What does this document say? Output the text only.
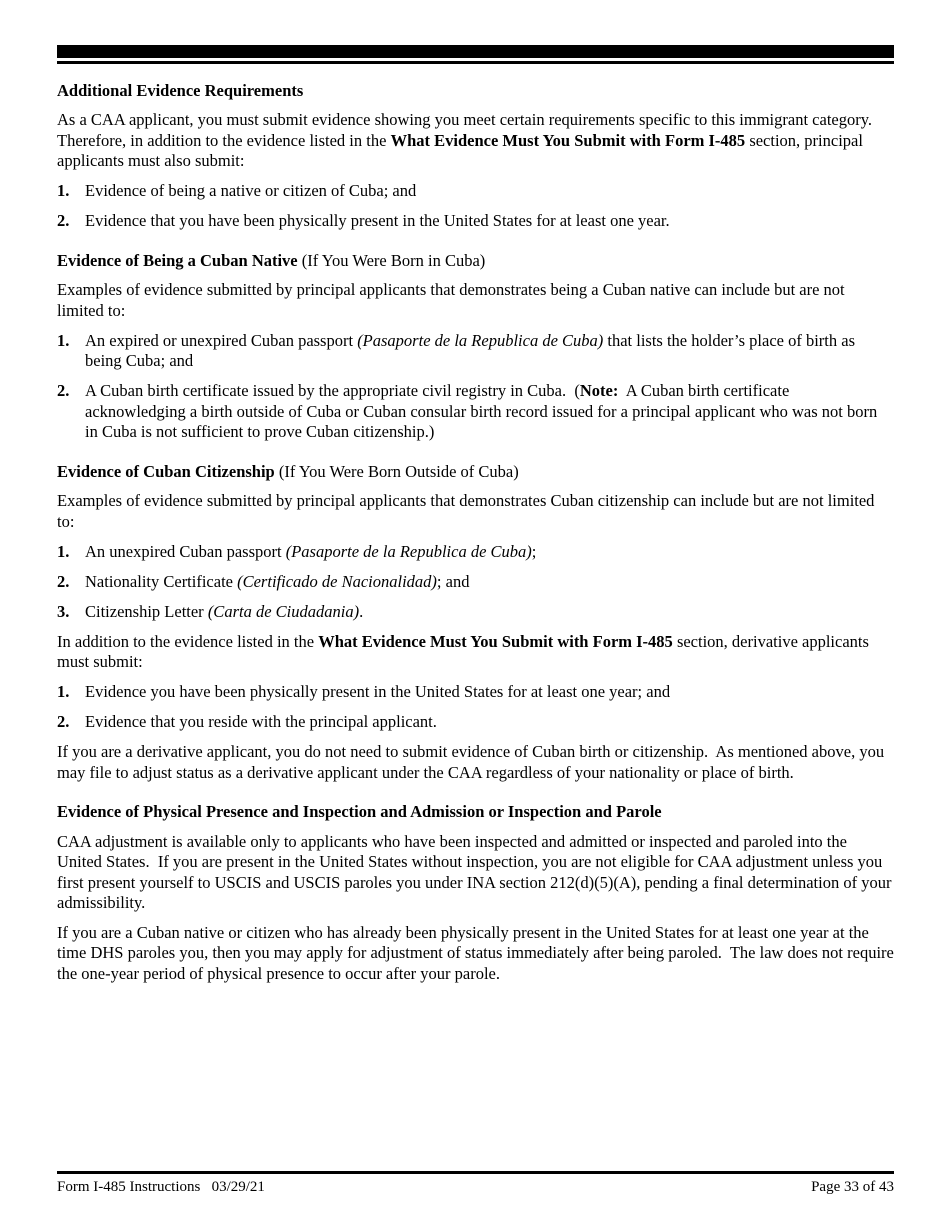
Additional Evidence Requirements

As a CAA applicant, you must submit evidence showing you meet certain requirements specific to this immigrant category.  Therefore, in addition to the evidence listed in the What Evidence Must You Submit with Form I-485 section, principal applicants must also submit:

1. Evidence of being a native or citizen of Cuba; and
2. Evidence that you have been physically present in the United States for at least one year.
Evidence of Being a Cuban Native (If You Were Born in Cuba)

Examples of evidence submitted by principal applicants that demonstrates being a Cuban native can include but are not limited to:

1. An expired or unexpired Cuban passport (Pasaporte de la Republica de Cuba) that lists the holder’s place of birth as being Cuba; and
2. A Cuban birth certificate issued by the appropriate civil registry in Cuba.  (Note:  A Cuban birth certificate acknowledging a birth outside of Cuba or Cuban consular birth record issued for a principal applicant who was not born in Cuba is not sufficient to prove Cuban citizenship.)
Evidence of Cuban Citizenship (If You Were Born Outside of Cuba)

Examples of evidence submitted by principal applicants that demonstrates Cuban citizenship can include but are not limited to:

1. An unexpired Cuban passport (Pasaporte de la Republica de Cuba);
2. Nationality Certificate (Certificado de Nacionalidad); and
3. Citizenship Letter (Carta de Ciudadania).

In addition to the evidence listed in the What Evidence Must You Submit with Form I-485 section, derivative applicants must submit:

1. Evidence you have been physically present in the United States for at least one year; and
2. Evidence that you reside with the principal applicant.

If you are a derivative applicant, you do not need to submit evidence of Cuban birth or citizenship.  As mentioned above, you may file to adjust status as a derivative applicant under the CAA regardless of your nationality or place of birth.

Evidence of Physical Presence and Inspection and Admission or Inspection and Parole

CAA adjustment is available only to applicants who have been inspected and admitted or inspected and paroled into the United States.  If you are present in the United States without inspection, you are not eligible for CAA adjustment unless you first present yourself to USCIS and USCIS paroles you under INA section 212(d)(5)(A), pending a final determination of your admissibility.

If you are a Cuban native or citizen who has already been physically present in the United States for at least one year at the time DHS paroles you, then you may apply for adjustment of status immediately after being paroled.  The law does not require the one-year period of physical presence to occur after your parole.

Form I-485 Instructions   03/29/21	Page 33 of 43
